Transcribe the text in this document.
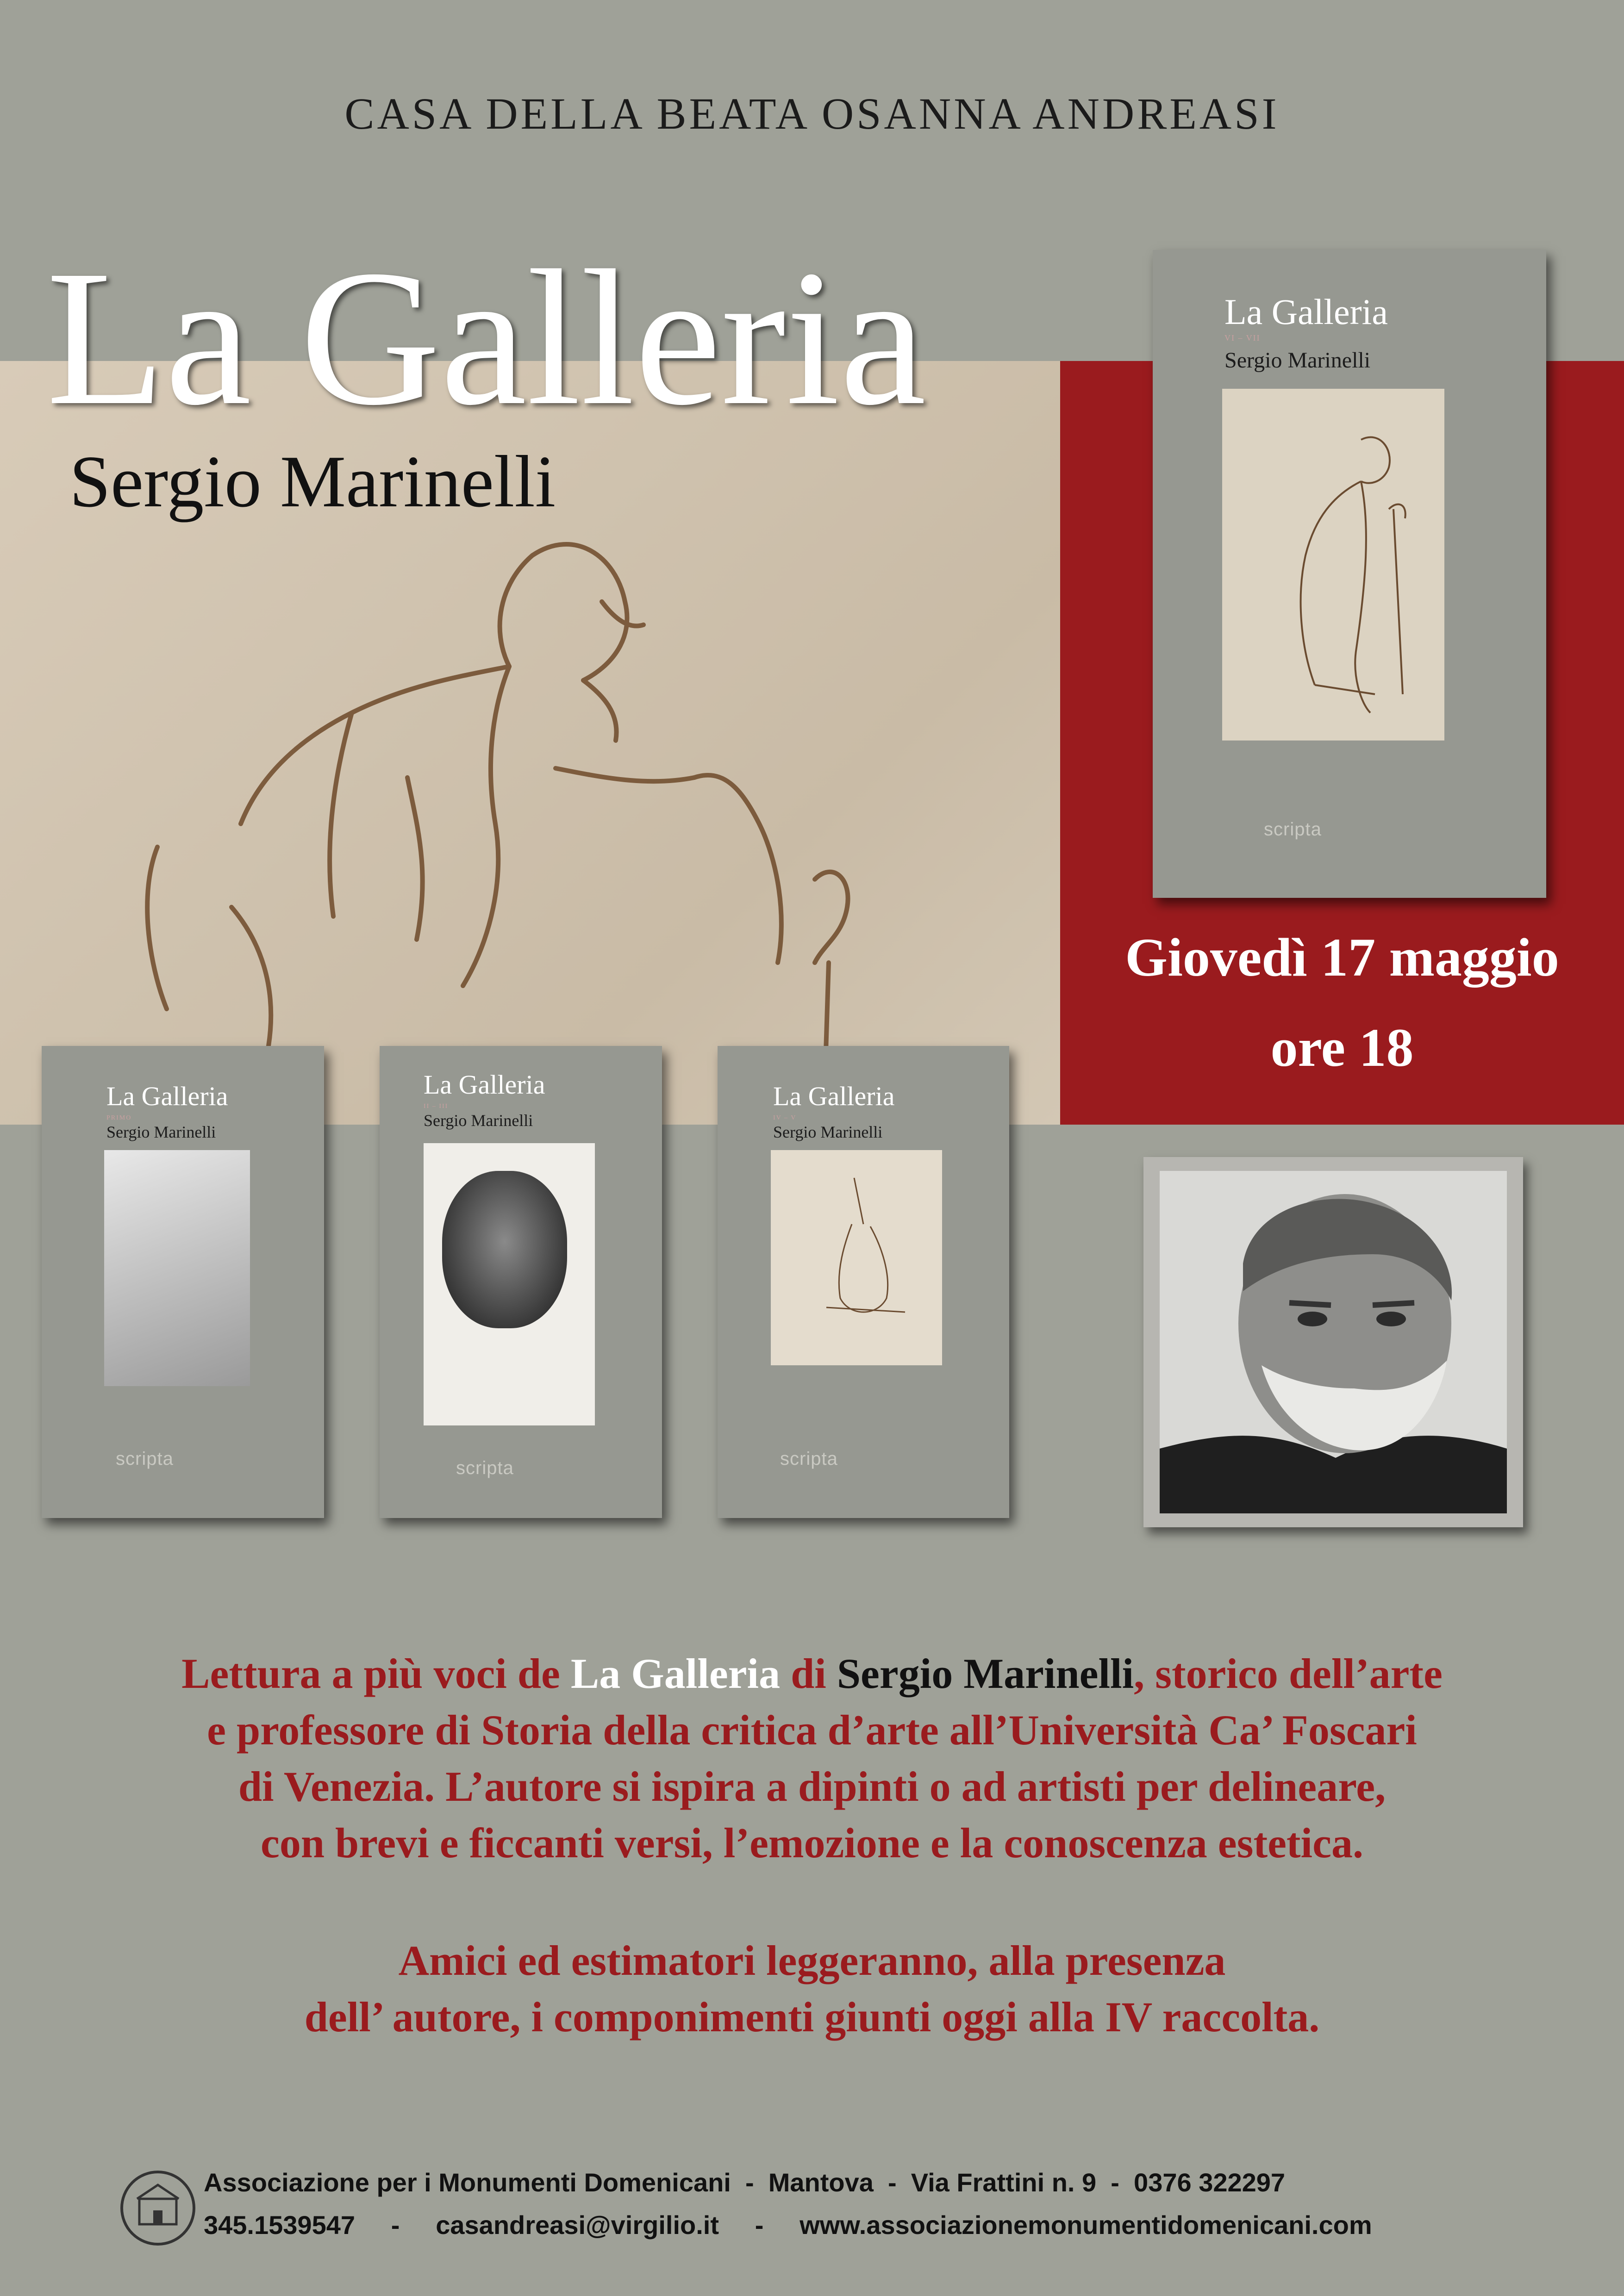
CASA DELLA BEATA OSANNA ANDREASI
La Galleria
Sergio Marinelli
La Galleria
VI – VII
Sergio Marinelli
scripta
Giovedì 17 maggio
ore 18
La Galleria
PRIMO
Sergio Marinelli
scripta
La Galleria
II – III
Sergio Marinelli
scripta
La Galleria
IV – V
Sergio Marinelli
scripta
Lettura a più voci de La Galleria di Sergio Marinelli, storico dell’arte
e professore di Storia della critica d’arte all’Università Ca’ Foscari
di Venezia. L’autore si ispira a dipinti o ad artisti per delineare,
con brevi e ficcanti versi, l’emozione e la conoscenza estetica.
Amici ed estimatori leggeranno, alla presenza
dell’ autore, i componimenti giunti oggi alla IV raccolta.
Associazione per i Monumenti Domenicani  -  Mantova  -  Via Frattini n. 9  -  0376 322297
345.1539547     -     casandreasi@virgilio.it     -     www.associazionemonumentidomenicani.com
